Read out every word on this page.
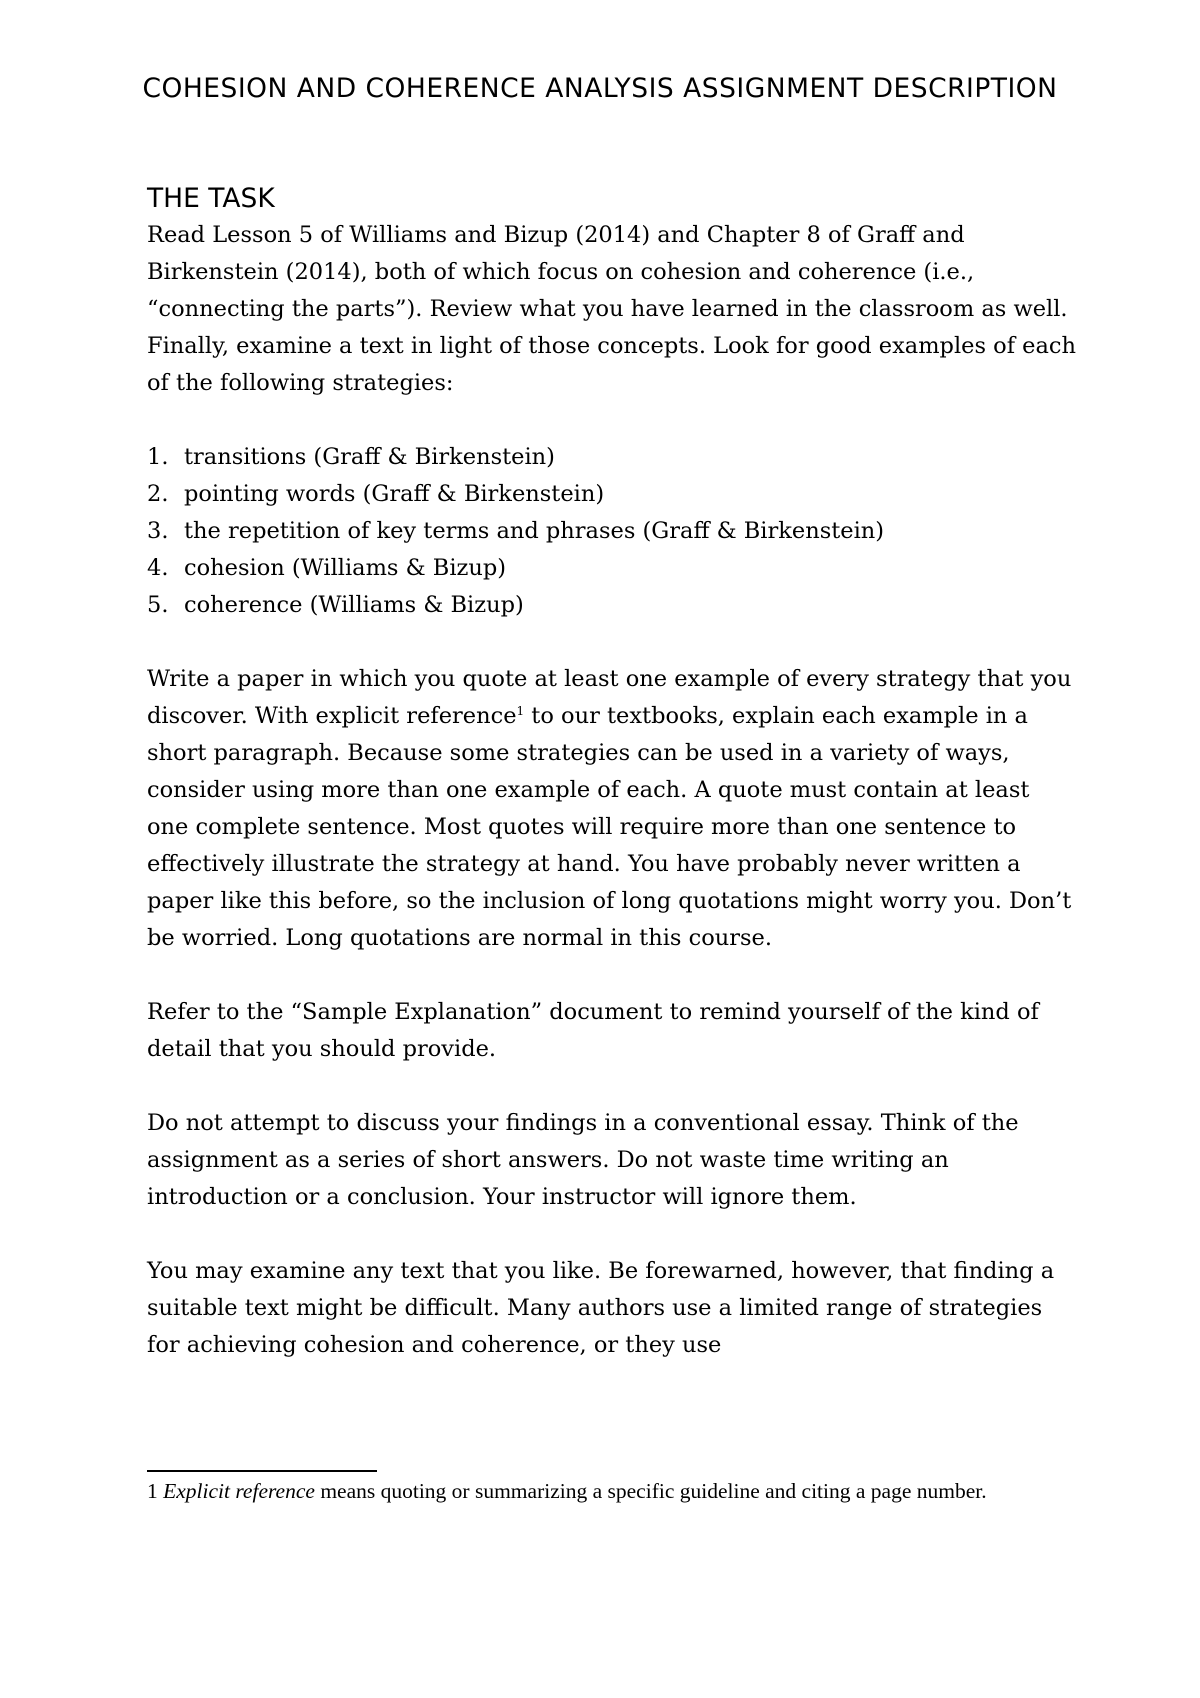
COHESION AND COHERENCE ANALYSIS ASSIGNMENT DESCRIPTION
THE TASK

Read Lesson 5 of Williams and Bizup (2014) and Chapter 8 of Graff and Birkenstein (2014), both of which focus on cohesion and coherence (i.e., “connecting the parts”). Review what you have learned in the classroom as well. Finally, examine a text in light of those concepts. Look for good examples of each of the following strategies:

1. transitions (Graff & Birkenstein)
2. pointing words (Graff & Birkenstein)
3. the repetition of key terms and phrases (Graff & Birkenstein)
4. cohesion (Williams & Bizup)
5. coherence (Williams & Bizup)

Write a paper in which you quote at least one example of every strategy that you discover. With explicit reference$^1$ to our textbooks, explain each example in a short paragraph. Because some strategies can be used in a variety of ways, consider using more than one example of each. A quote must contain at least one complete sentence. Most quotes will require more than one sentence to effectively illustrate the strategy at hand. You have probably never written a paper like this before, so the inclusion of long quotations might worry you. Don’t be worried. Long quotations are normal in this course.

Refer to the “Sample Explanation” document to remind yourself of the kind of detail that you should provide.

Do not attempt to discuss your findings in a conventional essay. Think of the assignment as a series of short answers. Do not waste time writing an introduction or a conclusion. Your instructor will ignore them.

You may examine any text that you like. Be forewarned, however, that finding a suitable text might be difficult. Many authors use a limited range of strategies for achieving cohesion and coherence, or they use

1 Explicit reference means quoting or summarizing a specific guideline and citing a page number.
